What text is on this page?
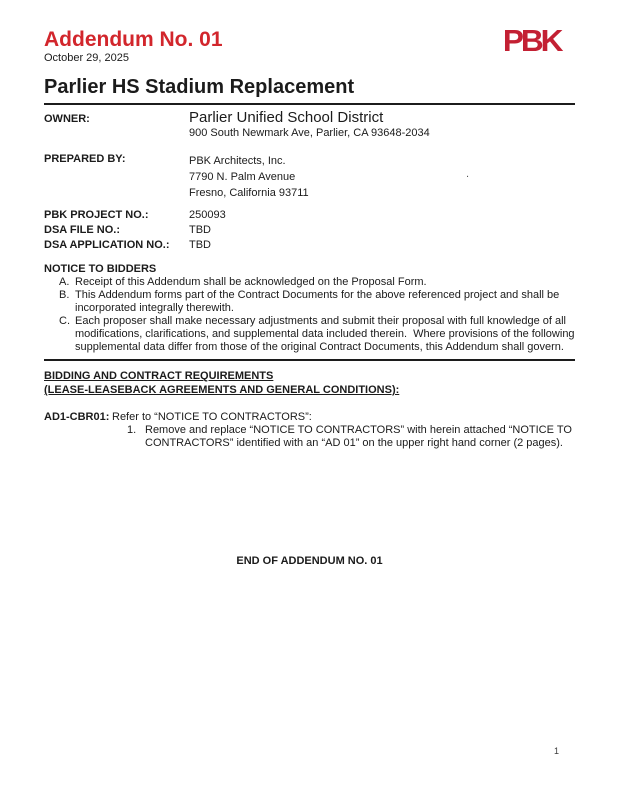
Addendum No. 01
October 29, 2025	PBK
Parlier HS Stadium Replacement
OWNER:	Parlier Unified School District
900 South Newmark Ave, Parlier, CA 93648-2034
PREPARED BY:	PBK Architects, Inc.
7790 N. Palm Avenue
Fresno, California 93711
.
PBK PROJECT NO.:	250093
DSA FILE NO.:	TBD
DSA APPLICATION NO.:	TBD
NOTICE TO BIDDERS
A. Receipt of this Addendum shall be acknowledged on the Proposal Form.
B. This Addendum forms part of the Contract Documents for the above referenced project and shall be incorporated integrally therewith.
C. Each proposer shall make necessary adjustments and submit their proposal with full knowledge of all modifications, clarifications, and supplemental data included therein.  Where provisions of the following supplemental data differ from those of the original Contract Documents, this Addendum shall govern.
BIDDING AND CONTRACT REQUIREMENTS
(LEASE-LEASEBACK AGREEMENTS AND GENERAL CONDITIONS):
AD1-CBR01: Refer to “NOTICE TO CONTRACTORS”:
1. Remove and replace “NOTICE TO CONTRACTORS” with herein attached “NOTICE TO CONTRACTORS” identified with an “AD 01” on the upper right hand corner (2 pages).
END OF ADDENDUM NO. 01
1
